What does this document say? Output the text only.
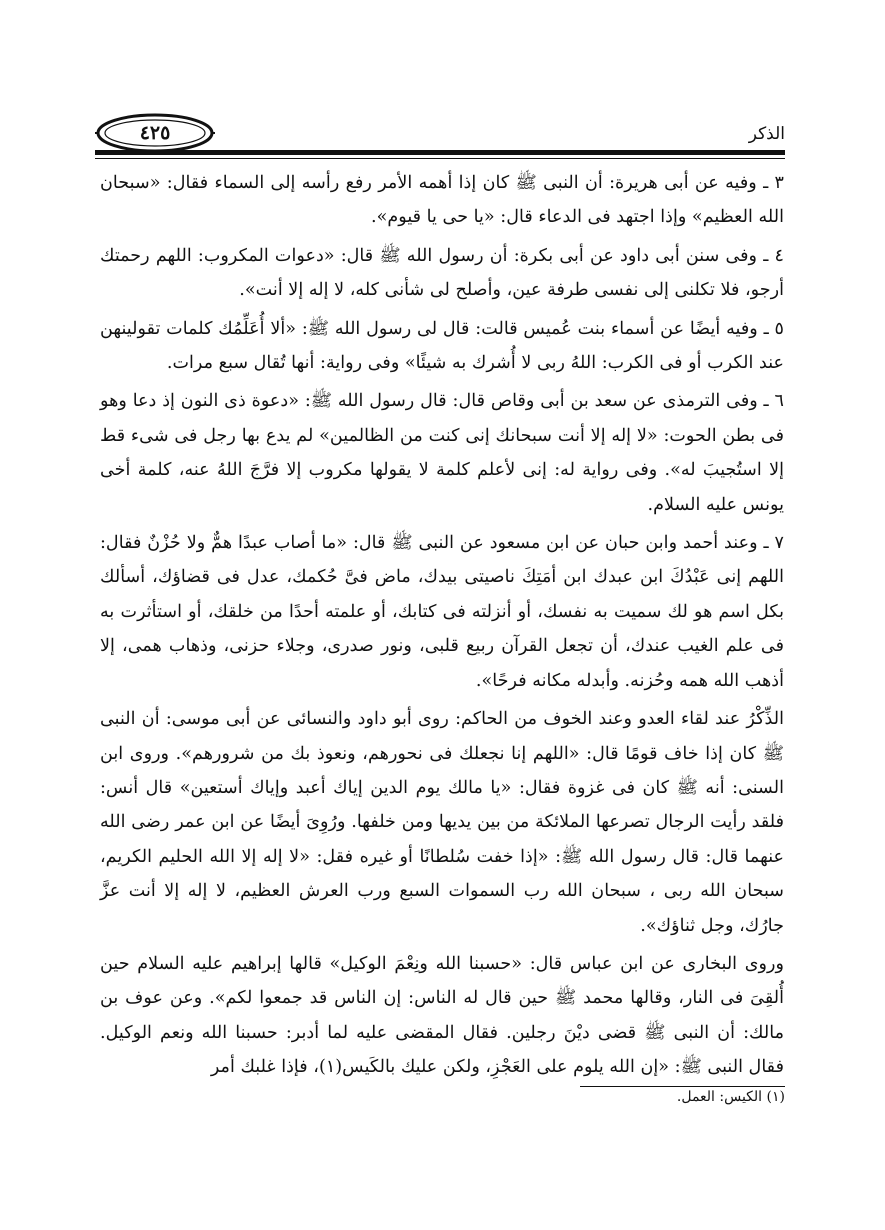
٤٢٥	الذكر

٣ ـ وفيه عن أبى هريرة: أن النبى ﷺ كان إذا أهمه الأمر رفع رأسه إلى السماء فقال: «سبحان الله العظيم» وإذا اجتهد فى الدعاء قال: «يا حى يا قيوم».

٤ ـ وفى سنن أبى داود عن أبى بكرة: أن رسول الله ﷺ قال: «دعوات المكروب: اللهم رحمتك أرجو، فلا تكلنى إلى نفسى طرفة عين، وأصلح لى شأنى كله، لا إله إلا أنت».

٥ ـ وفيه أيضًا عن أسماء بنت عُميس قالت: قال لى رسول الله ﷺ: «ألا أُعَلِّمُك كلمات تقولينهن عند الكرب أو فى الكرب: اللهُ ربى لا أُشرك به شيئًا» وفى رواية: أنها تُقال سبع مرات.

٦ ـ وفى الترمذى عن سعد بن أبى وقاص قال: قال رسول الله ﷺ: «دعوة ذى النون إذ دعا وهو فى بطن الحوت: «لا إله إلا أنت سبحانك إنى كنت من الظالمين» لم يدع بها رجل فى شىء قط إلا استُجيبَ له». وفى رواية له: إنى لأعلم كلمة لا يقولها مكروب إلا فرَّجَ اللهُ عنه، كلمة أخى يونس عليه السلام.

٧ ـ وعند أحمد وابن حبان عن ابن مسعود عن النبى ﷺ قال: «ما أصاب عبدًا همٌّ ولا حُزْنٌ فقال: اللهم إنى عَبْدُكَ ابن عبدك ابن أمَتِكَ ناصيتى بيدك، ماض فىَّ حُكمك، عدل فى قضاؤك، أسألك بكل اسم هو لك سميت به نفسك، أو أنزلته فى كتابك، أو علمته أحدًا من خلقك، أو استأثرت به فى علم الغيب عندك، أن تجعل القرآن ربيع قلبى، ونور صدرى، وجلاء حزنى، وذهاب همى، إلا أذهب الله همه وحُزنه. وأبدله مكانه فرحًا».

الذِّكْرُ عند لقاء العدو وعند الخوف من الحاكم: روى أبو داود والنسائى عن أبى موسى: أن النبى ﷺ كان إذا خاف قومًا قال: «اللهم إنا نجعلك فى نحورهم، ونعوذ بك من شرورهم». وروى ابن السنى: أنه ﷺ كان فى غزوة فقال: «يا مالك يوم الدين إياك أعبد وإياك أستعين» قال أنس: فلقد رأيت الرجال تصرعها الملائكة من بين يديها ومن خلفها. ورُوِىَ أيضًا عن ابن عمر رضى الله عنهما قال: قال رسول الله ﷺ: «إذا خفت سُلطانًا أو غيره فقل: «لا إله إلا الله الحليم الكريم، سبحان الله ربى ، سبحان الله رب السموات السبع ورب العرش العظيم، لا إله إلا أنت عزَّ جارُك، وجل ثناؤك».

وروى البخارى عن ابن عباس قال: «حسبنا الله ونِعْمَ الوكيل» قالها إبراهيم عليه السلام حين أُلقِىَ فى النار، وقالها محمد ﷺ حين قال له الناس: إن الناس قد جمعوا لكم». وعن عوف بن مالك: أن النبى ﷺ قضى ديْنَ رجلين. فقال المقضى عليه لما أدبر: حسبنا الله ونعم الوكيل. فقال النبى ﷺ: «إن الله يلوم على العَجْزِ، ولكن عليك بالكَيس(١)، فإذا غلبك أمر

(١) الكيس: العمل.
